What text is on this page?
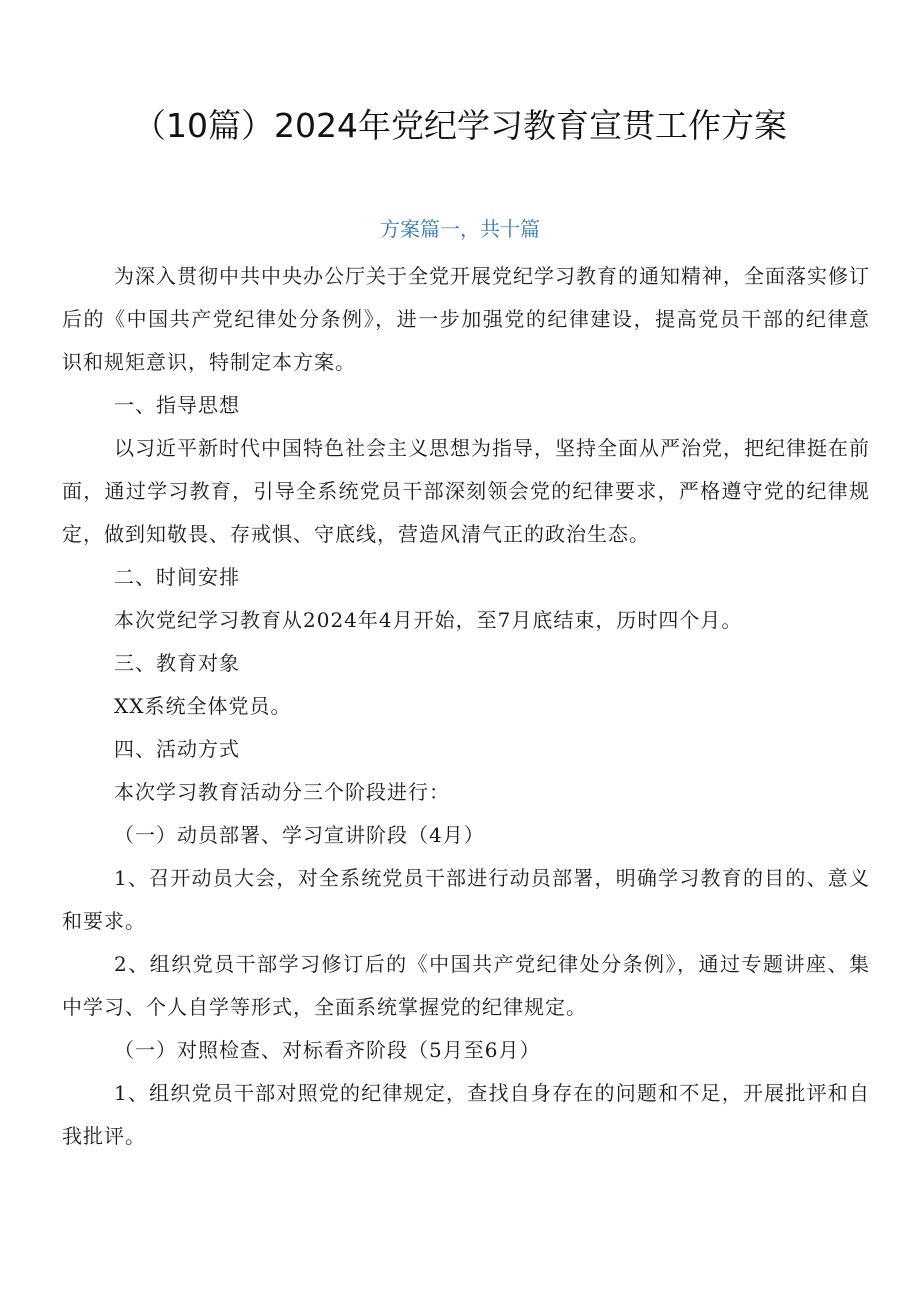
（10篇）2024年党纪学习教育宣贯工作方案

方案篇一，共十篇

为深入贯彻中共中央办公厅关于全党开展党纪学习教育的通知精神，全面落实修订后的《中国共产党纪律处分条例》，进一步加强党的纪律建设，提高党员干部的纪律意识和规矩意识，特制定本方案。

一、指导思想

以习近平新时代中国特色社会主义思想为指导，坚持全面从严治党，把纪律挺在前面，通过学习教育，引导全系统党员干部深刻领会党的纪律要求，严格遵守党的纪律规定，做到知敬畏、存戒惧、守底线，营造风清气正的政治生态。

二、时间安排

本次党纪学习教育从2024年4月开始，至7月底结束，历时四个月。

三、教育对象

XX系统全体党员。

四、活动方式

本次学习教育活动分三个阶段进行：

（一）动员部署、学习宣讲阶段（4月）

1、召开动员大会，对全系统党员干部进行动员部署，明确学习教育的目的、意义和要求。

2、组织党员干部学习修订后的《中国共产党纪律处分条例》，通过专题讲座、集中学习、个人自学等形式，全面系统掌握党的纪律规定。

（一）对照检查、对标看齐阶段（5月至6月）

1、组织党员干部对照党的纪律规定，查找自身存在的问题和不足，开展批评和自我批评。
